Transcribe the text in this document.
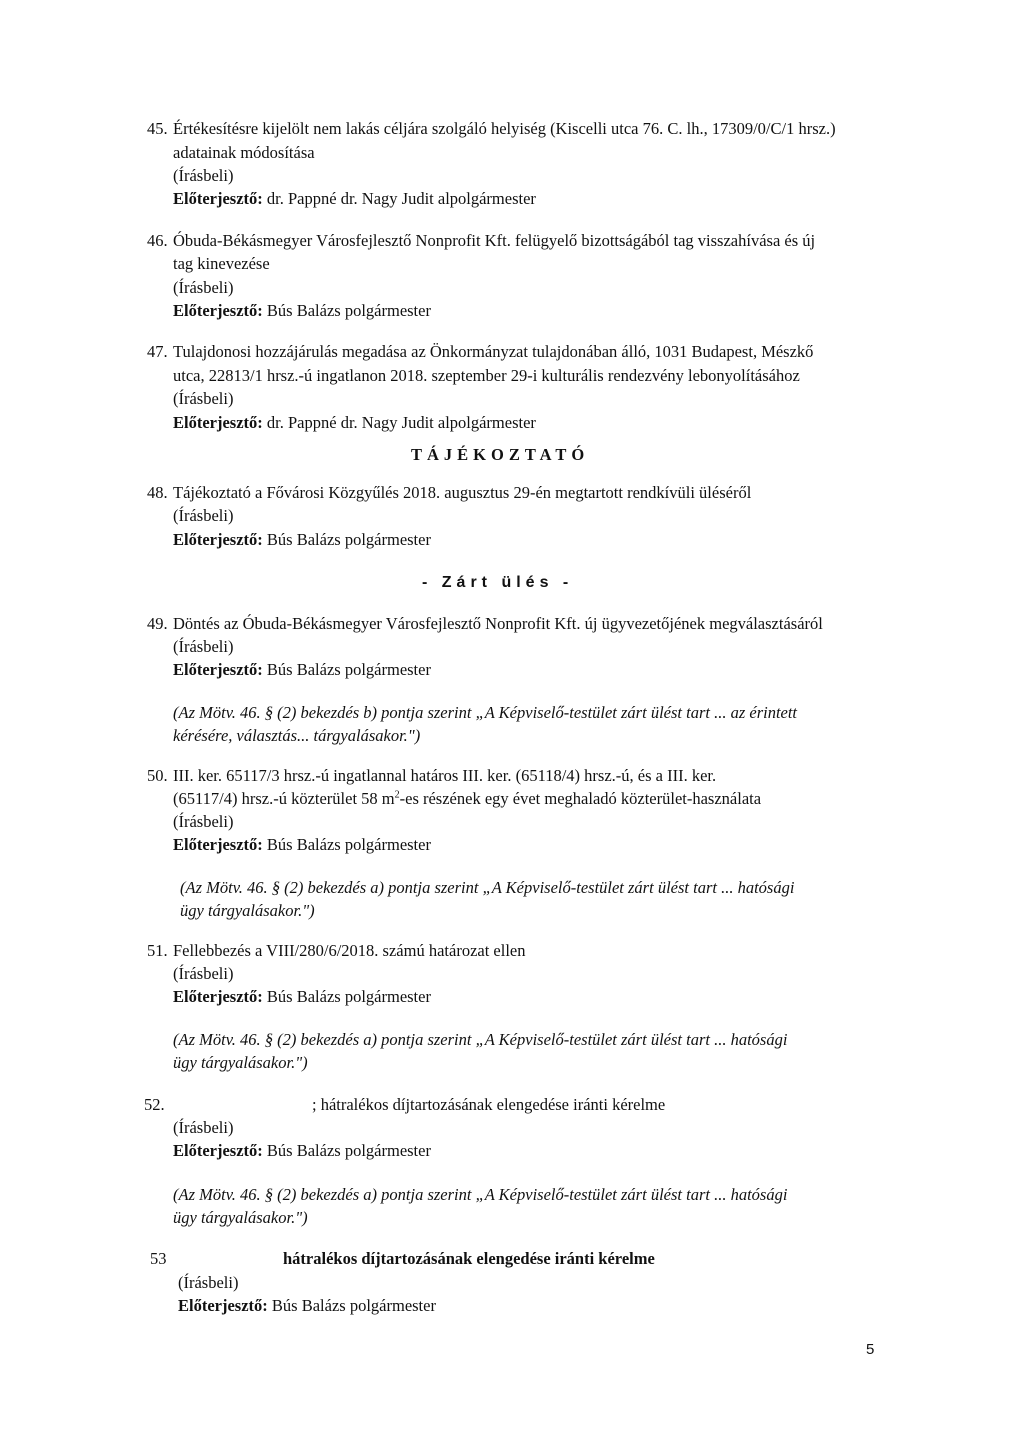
45. Értékesítésre kijelölt nem lakás céljára szolgáló helyiség (Kiscelli utca 76. C. lh., 17309/0/C/1 hrsz.)
adatainak módosítása
(Írásbeli)
Előterjesztő: dr. Pappné dr. Nagy Judit alpolgármester
46. Óbuda-Békásmegyer Városfejlesztő Nonprofit Kft. felügyelő bizottságából tag visszahívása és új
tag kinevezése
(Írásbeli)
Előterjesztő: Bús Balázs polgármester
47. Tulajdonosi hozzájárulás megadása az Önkormányzat tulajdonában álló, 1031 Budapest, Mészkő
utca, 22813/1 hrsz.-ú ingatlanon 2018. szeptember 29-i kulturális rendezvény lebonyolításához
(Írásbeli)
Előterjesztő: dr. Pappné dr. Nagy Judit alpolgármester
TÁJÉKOZTATÓ
48. Tájékoztató a Fővárosi Közgyűlés 2018. augusztus 29-én megtartott rendkívüli üléséről
(Írásbeli)
Előterjesztő: Bús Balázs polgármester
- Zárt ülés -
49. Döntés az Óbuda-Békásmegyer Városfejlesztő Nonprofit Kft. új ügyvezetőjének megválasztásáról
(Írásbeli)
Előterjesztő: Bús Balázs polgármester
(Az Mötv. 46. § (2) bekezdés b) pontja szerint „A Képviselő-testület zárt ülést tart ... az érintett
kérésére, választás... tárgyalásakor.")
50. III. ker. 65117/3 hrsz.-ú ingatlannal határos III. ker. (65118/4) hrsz.-ú, és a III. ker.
(65117/4) hrsz.-ú közterület 58 $m^2-es$ részének egy évet meghaladó közterület-használata
(Írásbeli)
Előterjesztő: Bús Balázs polgármester
(Az Mötv. 46. § (2) bekezdés a) pontja szerint „A Képviselő-testület zárt ülést tart ... hatósági
ügy tárgyalásakor.")
51. Fellebbezés a VIII/280/6/2018. számú határozat ellen
(Írásbeli)
Előterjesztő: Bús Balázs polgármester
(Az Mötv. 46. § (2) bekezdés a) pontja szerint „A Képviselő-testület zárt ülést tart ... hatósági
ügy tárgyalásakor.")
52.	; hátralékos díjtartozásának elengedése iránti kérelme
(Írásbeli)
Előterjesztő: Bús Balázs polgármester
(Az Mötv. 46. § (2) bekezdés a) pontja szerint „A Képviselő-testület zárt ülést tart ... hatósági
ügy tárgyalásakor.")
53	hátralékos díjtartozásának elengedése iránti kérelme
(Írásbeli)
Előterjesztő: Bús Balázs polgármester
5
